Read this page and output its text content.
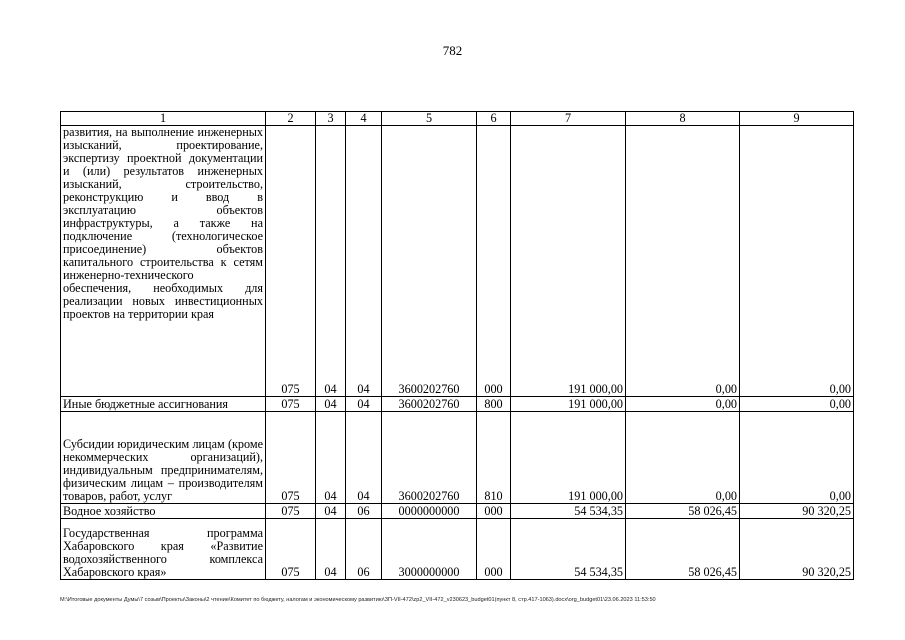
782
1	2	3	4	5	6	7	8	9
развития, на выполнение инженерных изысканий, проектирование, экспертизу проектной документации и (или) результатов инженерных изысканий, строительство, реконструкцию и ввод в эксплуатацию объектов инфраструктуры, а также на подключение (технологическое присоединение) объектов капитального строительства к сетям инженерно-технического обеспечения, необходимых для реализации новых инвестиционных проектов на территории края	075	04	04	3600202760	000	191 000,00	0,00	0,00
Иные бюджетные ассигнования	075	04	04	3600202760	800	191 000,00	0,00	0,00
Субсидии юридическим лицам (кроме некоммерческих организаций), индивидуальным предпринимателям, физическим лицам – производителям товаров, работ, услуг	075	04	04	3600202760	810	191 000,00	0,00	0,00
Водное хозяйство	075	04	06	0000000000	000	54 534,35	58 026,45	90 320,25
Государственная программа Хабаровского края «Развитие водохозяйственного комплекса Хабаровского края»	075	04	06	3000000000	000	54 534,35	58 026,45	90 320,25
M:\Итоговые документы Думы\7 созыв\Проекты\Законы\2 чтение\Комитет по бюджету, налогам и экономическому развитию\ЗП-VII-472\zp2_VII-472_v230623_budget01(пункт 8, стр.417-1063).docx\org_budget01\23.06.2023 11:53:50
